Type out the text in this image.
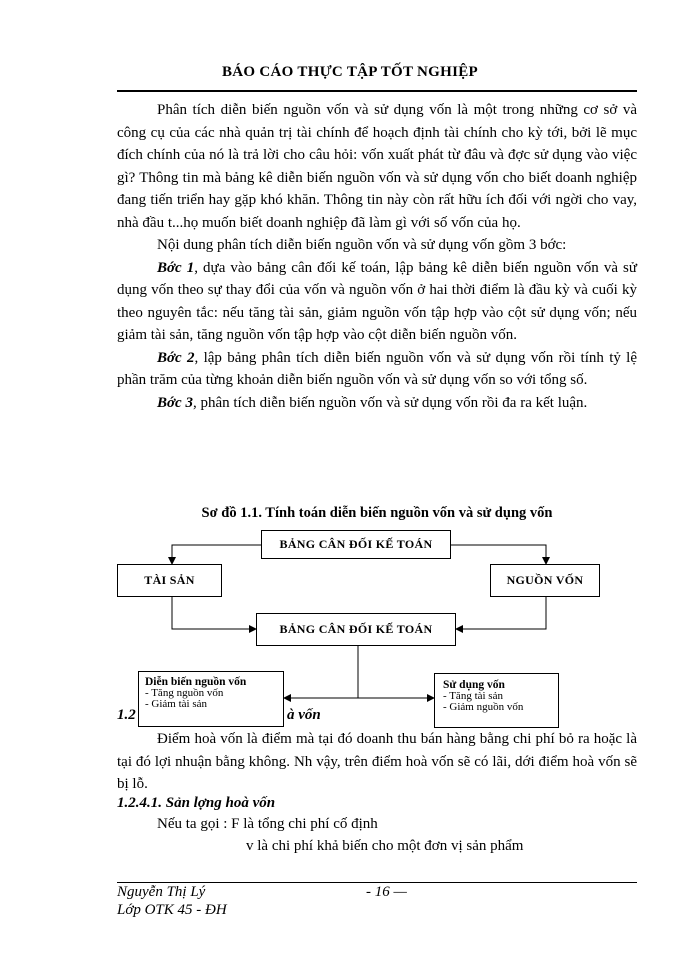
BÁO CÁO THỰC TẬP TỐT NGHIỆP

Phân tích diễn biến nguồn vốn và sử dụng vốn là một trong những cơ sở và công cụ của các nhà quản trị tài chính để hoạch định tài chính cho kỳ tới, bởi lẽ mục đích chính của nó là trả lời cho câu hỏi: vốn xuất phát từ đâu và đợc sử dụng vào việc gì? Thông tin mà bảng kê diễn biến nguồn vốn và sử dụng vốn cho biết doanh nghiệp đang tiến triển hay gặp khó khăn. Thông tin này còn rất hữu ích đối với ngời cho vay, nhà đầu t...họ muốn biết doanh nghiệp đã làm gì với số vốn của họ.

Nội dung phân tích diễn biến nguồn vốn và sử dụng vốn gồm 3 bớc:

Bớc 1, dựa vào bảng cân đối kế toán, lập bảng kê diễn biến nguồn vốn và sử dụng vốn theo sự thay đổi của vốn và nguồn vốn ở hai thời điểm là đầu kỳ và cuối kỳ theo nguyên tắc: nếu tăng tài sản, giảm nguồn vốn tập hợp vào cột sử dụng vốn; nếu giảm tài sản, tăng nguồn vốn tập hợp vào cột diễn biến nguồn vốn.

Bớc 2, lập bảng phân tích diễn biến nguồn vốn và sử dụng vốn rồi tính tỷ lệ phần trăm của từng khoản diễn biến nguồn vốn và sử dụng vốn so với tổng số.

Bớc 3, phân tích diễn biến nguồn vốn và sử dụng vốn rồi đa ra kết luận.

Sơ đồ 1.1. Tính toán diễn biến nguồn vốn và sử dụng vốn
BẢNG CÂN ĐỐI KẾ TOÁN
TÀI SẢN	NGUỒN VỐN
BẢNG CÂN ĐỐI KẾ TOÁN
Diễn biến nguồn vốn
- Tăng nguồn vốn
- Giảm tài sản
Sử dụng vốn
- Tăng tài sản
- Giảm nguồn vốn
1.2	à vốn

Điểm hoà vốn là điểm mà tại đó doanh thu bán hàng bằng chi phí bỏ ra hoặc là tại đó lợi nhuận bằng không. Nh vậy, trên điểm hoà vốn sẽ có lãi, dới điểm hoà vốn sẽ bị lỗ.

1.2.4.1. Sản lợng hoà vốn
Nếu ta gọi : F là tổng chi phí cố định
v là chi phí khả biến cho một đơn vị sản phẩm
Nguyễn Thị Lý	- 16 —
Lớp OTK 45 - ĐH
